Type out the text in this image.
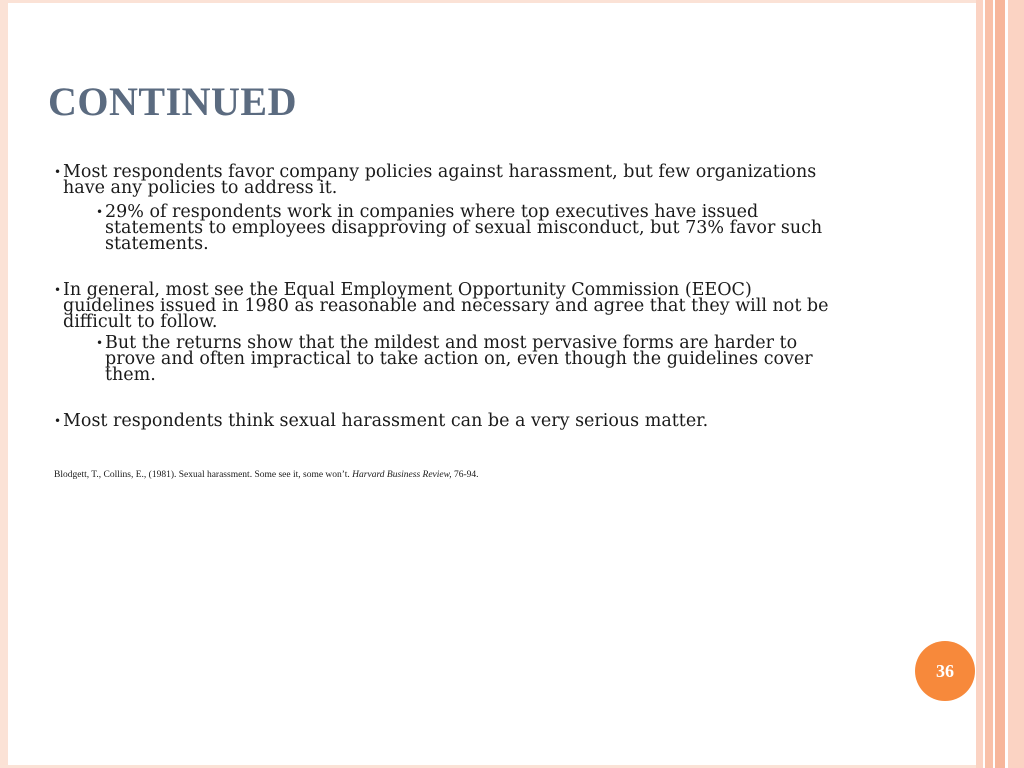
CONTINUED
• Most respondents favor company policies against harassment, but few organizations have any policies to address it.
• 29% of respondents work in companies where top executives have issued statements to employees disapproving of sexual misconduct, but 73% favor such statements.
• In general, most see the Equal Employment Opportunity Commission (EEOC) guidelines issued in 1980 as reasonable and necessary and agree that they will not be difficult to follow.
• But the returns show that the mildest and most pervasive forms are harder to prove and often impractical to take action on, even though the guidelines cover them.
• Most respondents think sexual harassment can be a very serious matter.
Blodgett, T., Collins, E., (1981). Sexual harassment. Some see it, some won’t. Harvard Business Review, 76-94.
36
